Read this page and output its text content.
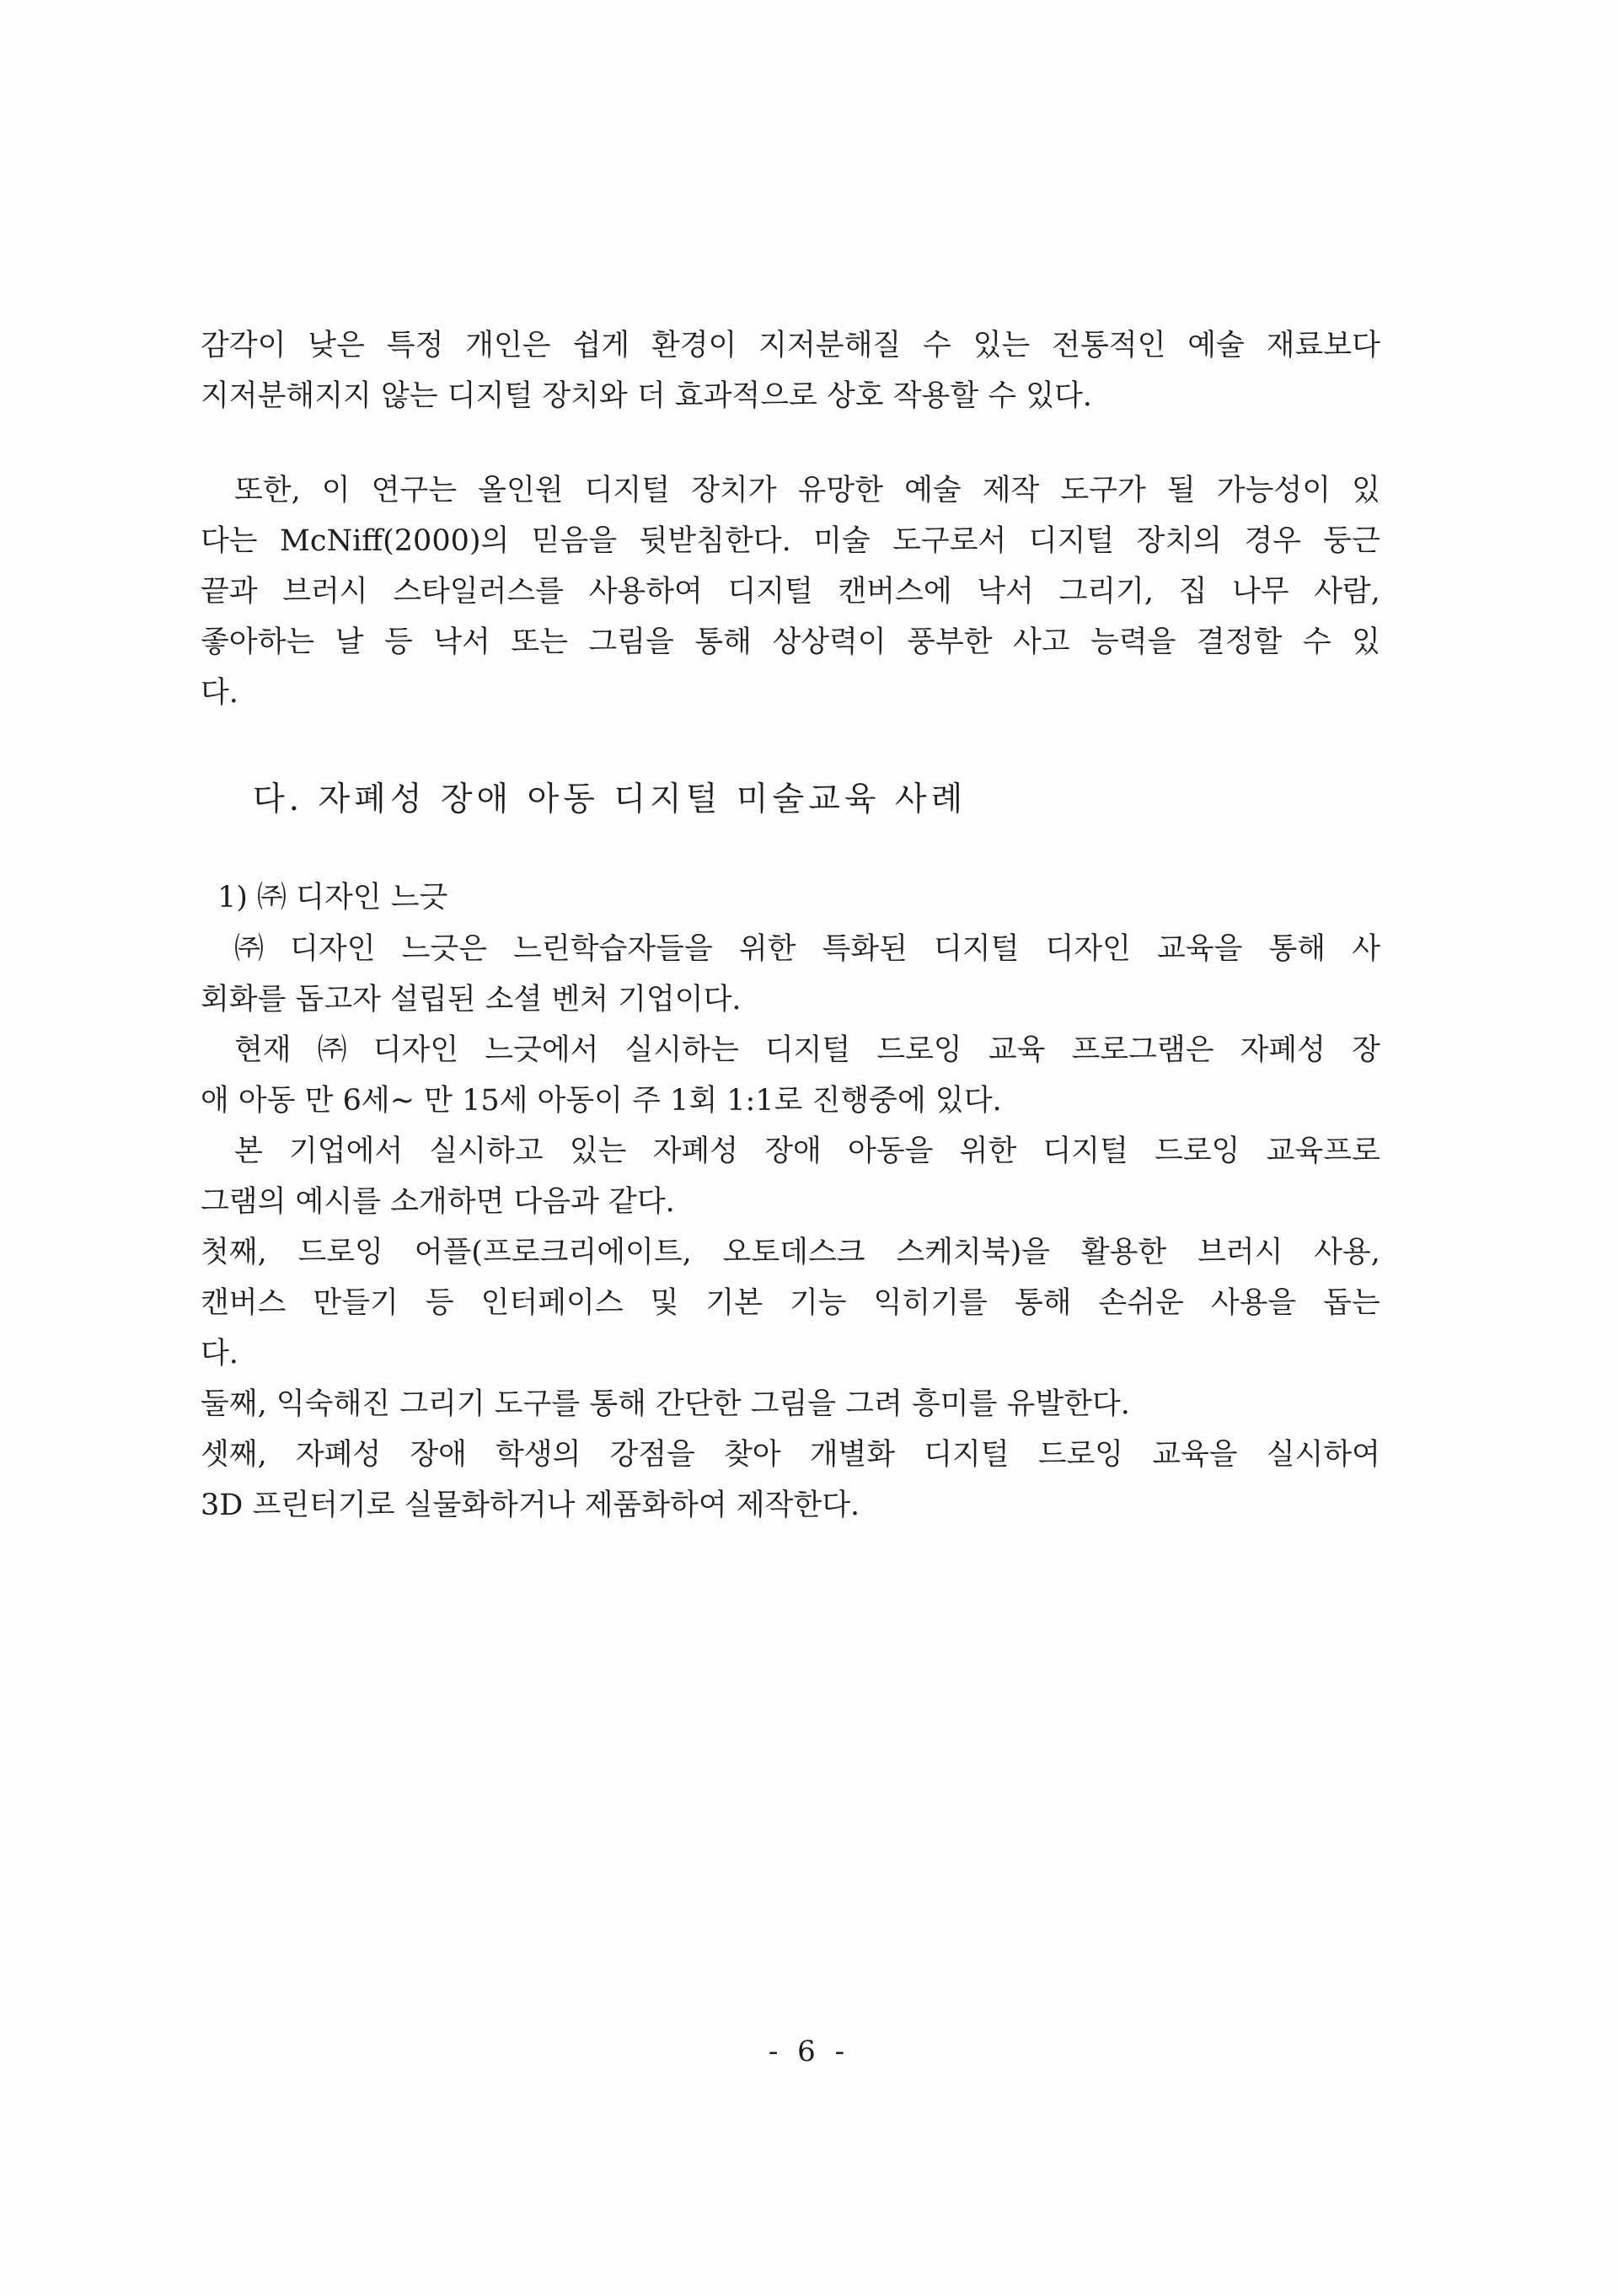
감각이 낮은 특정 개인은 쉽게 환경이 지저분해질 수 있는 전통적인 예술 재료보다
지저분해지지 않는 디지털 장치와 더 효과적으로 상호 작용할 수 있다.
또한, 이 연구는 올인원 디지털 장치가 유망한 예술 제작 도구가 될 가능성이 있
다는 McNiff(2000)의 믿음을 뒷받침한다. 미술 도구로서 디지털 장치의 경우 둥근
끝과 브러시 스타일러스를 사용하여 디지털 캔버스에 낙서 그리기, 집 나무 사람,
좋아하는 날 등 낙서 또는 그림을 통해 상상력이 풍부한 사고 능력을 결정할 수 있
다.
다. 자폐성 장애 아동 디지털 미술교육 사례
1) ㈜ 디자인 느긋
㈜ 디자인 느긋은 느린학습자들을 위한 특화된 디지털 디자인 교육을 통해 사
회화를 돕고자 설립된 소셜 벤처 기업이다.
현재 ㈜ 디자인 느긋에서 실시하는 디지털 드로잉 교육 프로그램은 자폐성 장
애 아동 만 6세~ 만 15세 아동이 주 1회 1:1로 진행중에 있다.
본 기업에서 실시하고 있는 자폐성 장애 아동을 위한 디지털 드로잉 교육프로
그램의 예시를 소개하면 다음과 같다.
첫째, 드로잉 어플(프로크리에이트, 오토데스크 스케치북)을 활용한 브러시 사용,
캔버스 만들기 등 인터페이스 및 기본 기능 익히기를 통해 손쉬운 사용을 돕는
다.
둘째, 익숙해진 그리기 도구를 통해 간단한 그림을 그려 흥미를 유발한다.
셋째, 자폐성 장애 학생의 강점을 찾아 개별화 디지털 드로잉 교육을 실시하여
3D 프린터기로 실물화하거나 제품화하여 제작한다.
- 6 -
